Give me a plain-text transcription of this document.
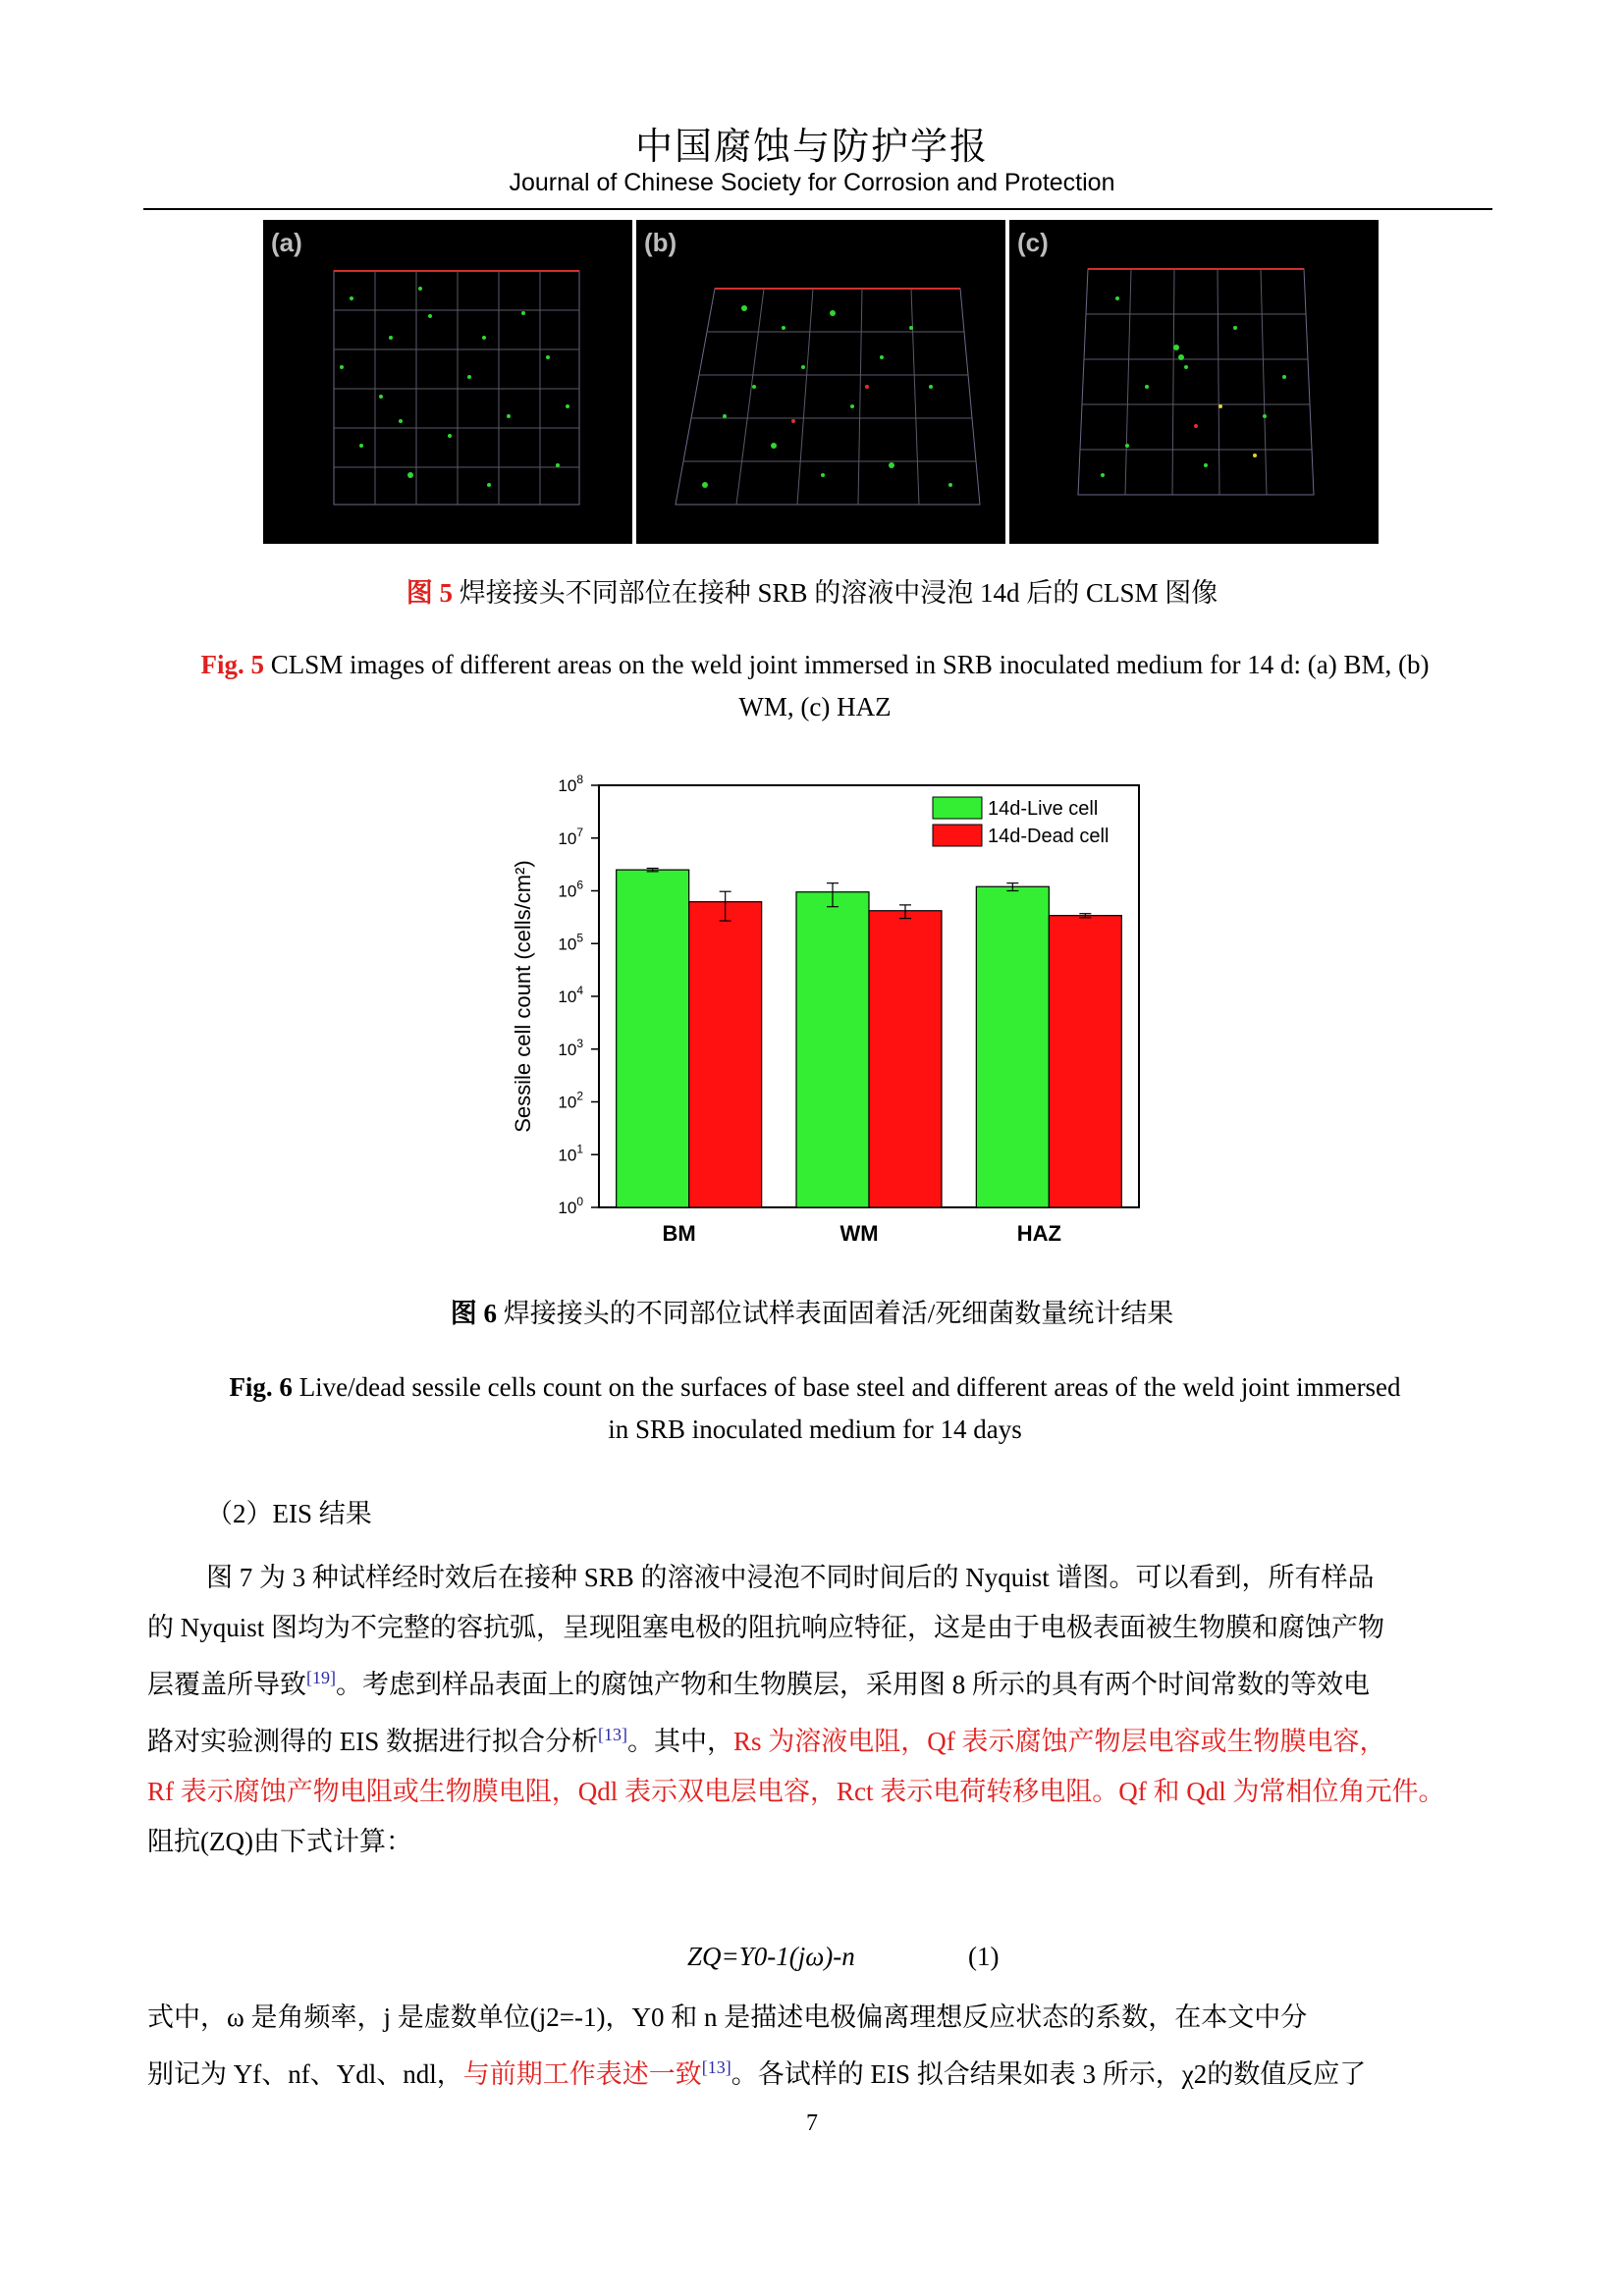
中国腐蚀与防护学报
Journal of Chinese Society for Corrosion and Protection
(a)	(b)	(c)
图 5 焊接接头不同部位在接种 SRB 的溶液中浸泡 14d 后的 CLSM 图像
Fig. 5 CLSM images of different areas on the weld joint immersed in SRB inoculated medium for 14 d: (a) BM, (b)
WM, (c) HAZ
$10^0$
$10^1$
$10^2$
$10^3$
$10^4$
$10^5$
$10^6$
$10^7$
$10^8$
Sessile cell count (cells/cm²)
BM	WM	HAZ
14d-Live cell
14d-Dead cell
图 6 焊接接头的不同部位试样表面固着活/死细菌数量统计结果
Fig. 6 Live/dead sessile cells count on the surfaces of base steel and different areas of the weld joint immersed
in SRB inoculated medium for 14 days
（2）EIS 结果

图 7 为 3 种试样经时效后在接种 SRB 的溶液中浸泡不同时间后的 Nyquist 谱图。可以看到，所有样品

的 Nyquist 图均为不完整的容抗弧，呈现阻塞电极的阻抗响应特征，这是由于电极表面被生物膜和腐蚀产物
层覆盖所导致[19]。考虑到样品表面上的腐蚀产物和生物膜层，采用图 8 所示的具有两个时间常数的等效电
路对实验测得的 EIS 数据进行拟合分析[13]。其中，Rs 为溶液电阻，Qf 表示腐蚀产物层电容或生物膜电容，
Rf 表示腐蚀产物电阻或生物膜电阻，Qdl 表示双电层电容，Rct 表示电荷转移电阻。Qf 和 Qdl 为常相位角元件。
阻抗(ZQ)由下式计算：
ZQ=Y0-1(jω)-n	(1)
式中，ω 是角频率，j 是虚数单位(j2=-1)，Y0 和 n 是描述电极偏离理想反应状态的系数，在本文中分
别记为 Yf、nf、Ydl、ndl，与前期工作表述一致[13]。各试样的 EIS 拟合结果如表 3 所示，χ2的数值反应了
7
